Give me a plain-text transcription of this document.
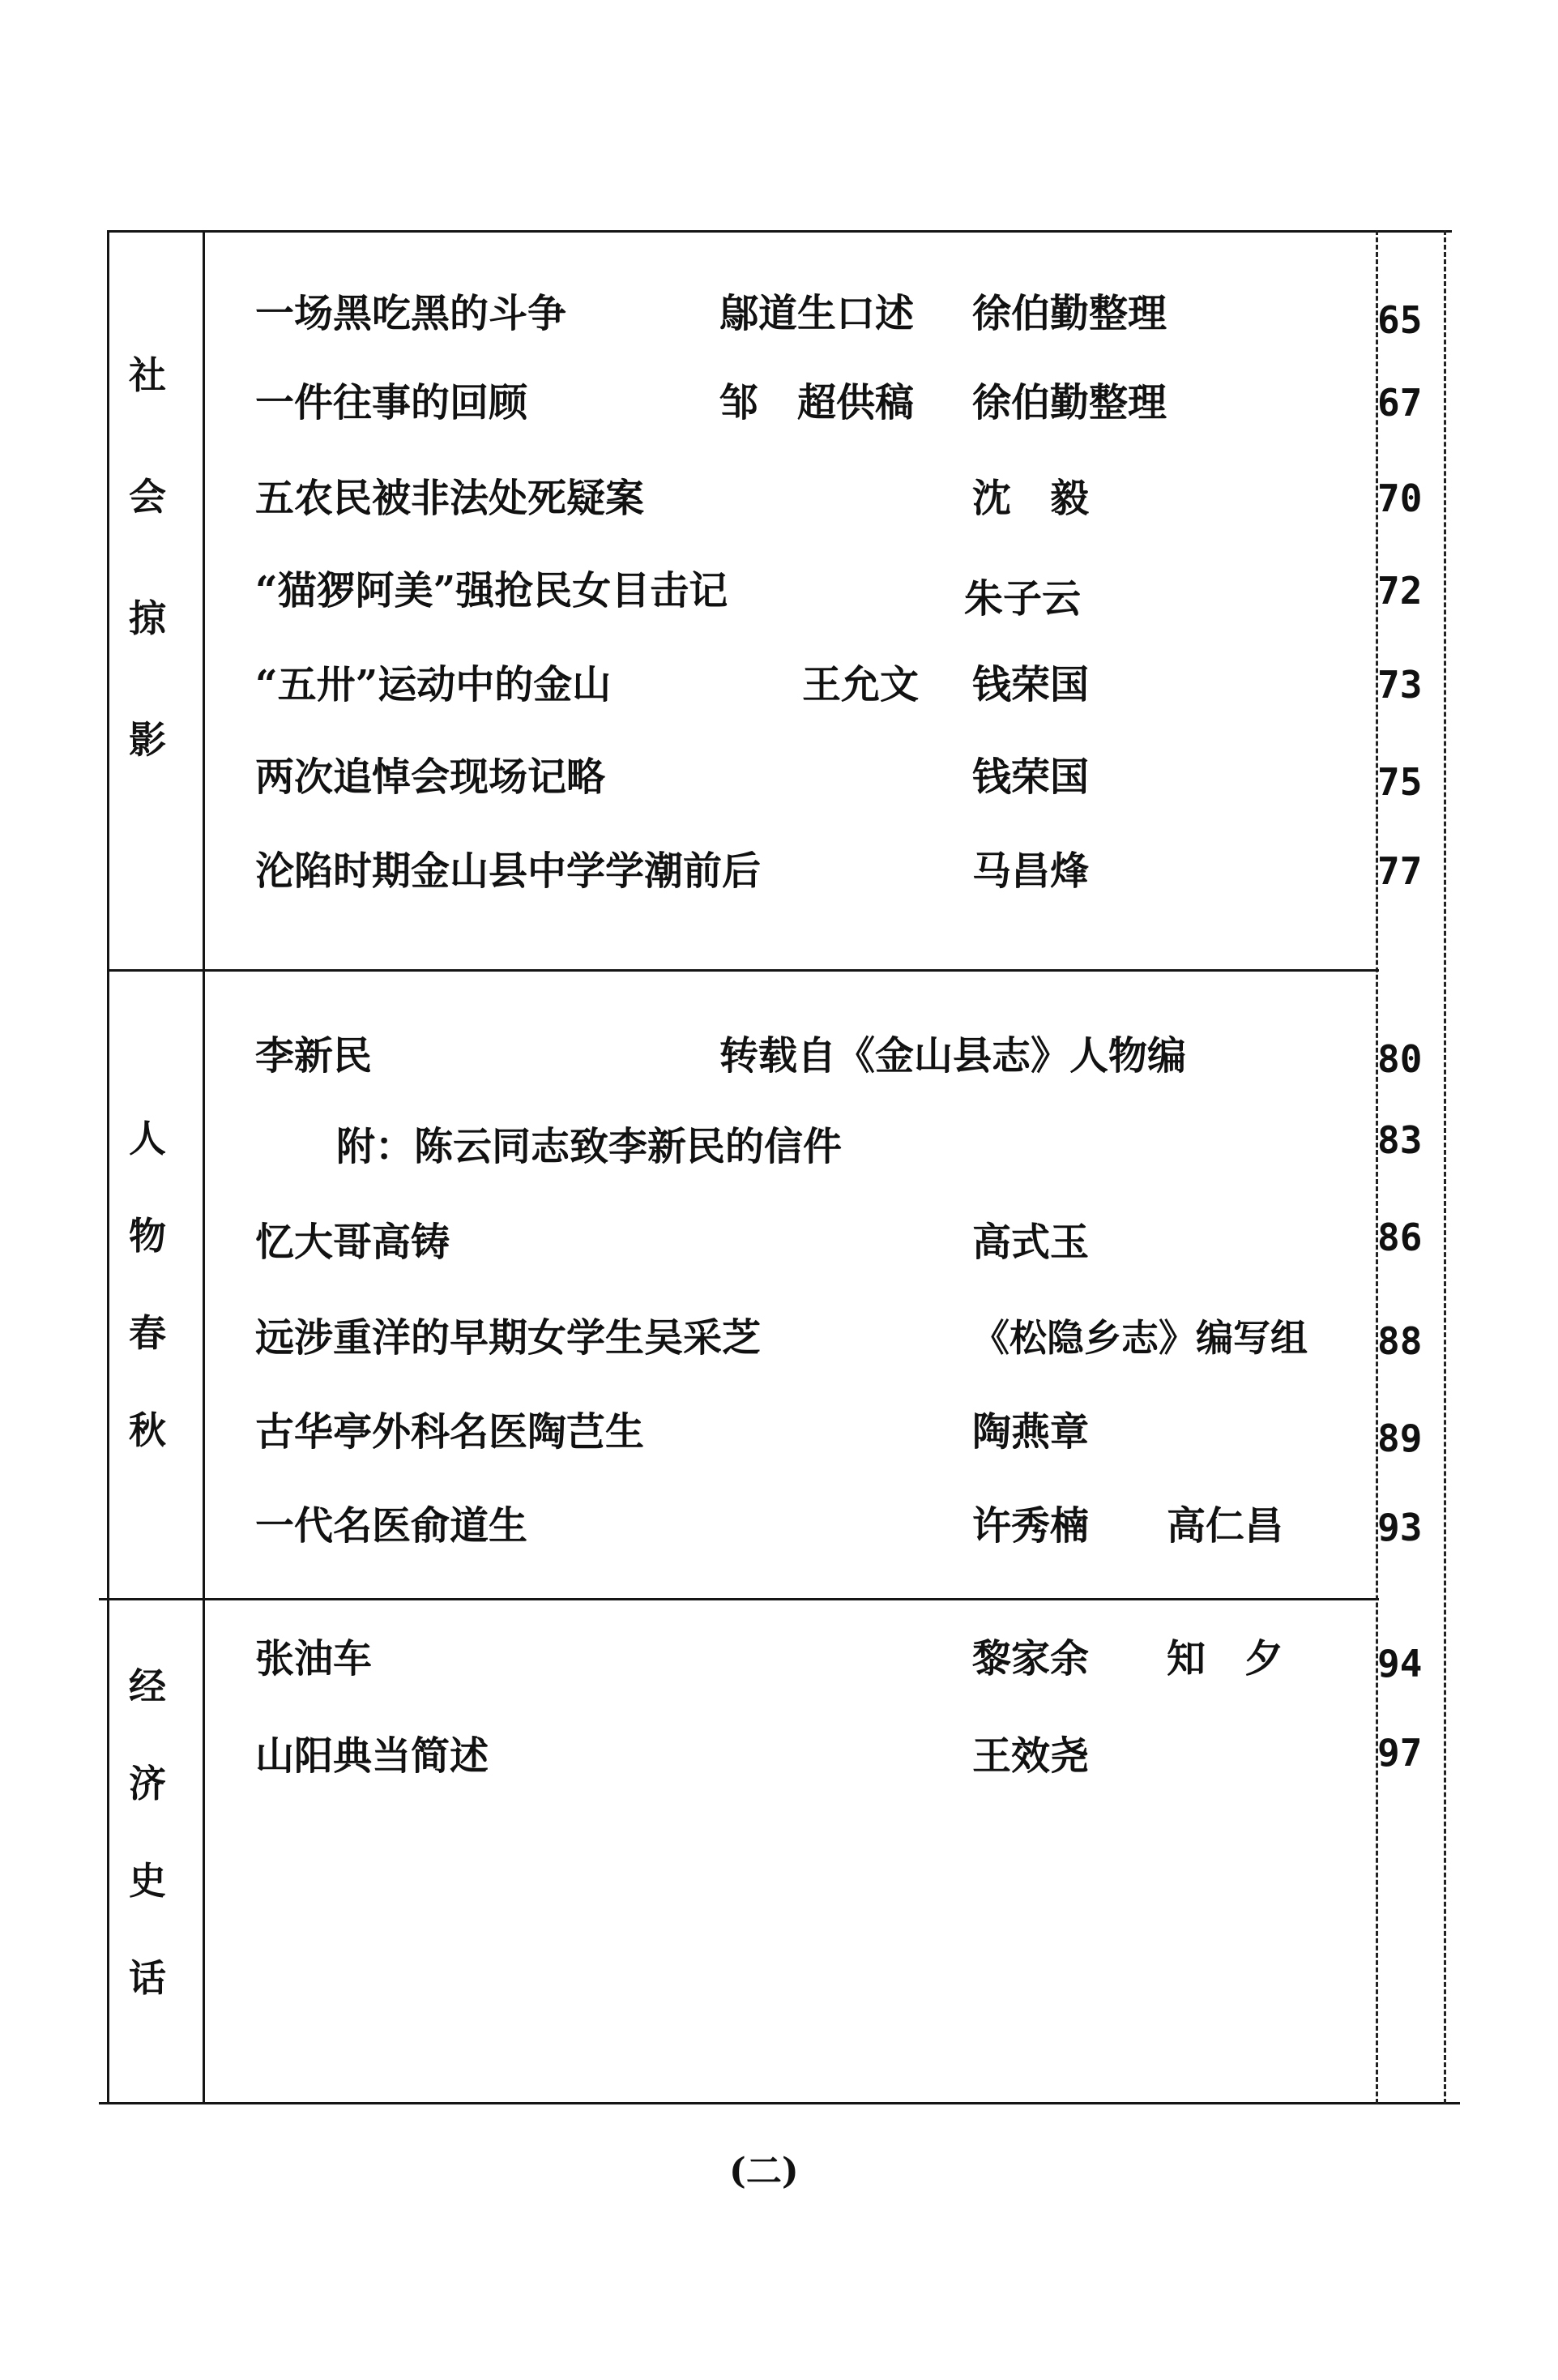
社
会
掠
影
人
物
春
秋
经
济
史
话
一场黑吃黑的斗争	鄔道生口述 徐伯勤整理	65
一件往事的回顾	邹　超供稿 徐伯勤整理	67
五农民被非法处死疑案	沈　毅	70
“猫猡阿美”强抢民女目击记	朱子云	72
“五卅”运动中的金山	王允文 钱荣国	73
两次追悼会现场记略	钱荣国	75
沦陷时期金山县中学学潮前后	马昌烽	77
李新民	转载自《金山县志》人物编	80
附：陈云同志致李新民的信件	83
忆大哥高铸	高式玉	86
远涉重洋的早期女学生吴采芝	《松隐乡志》编写组 88
古华亭外科名医陶芑生	陶燕章	89
一代名医俞道生	许秀楠　　高仁昌	93
张油车	黎家余　　知　夕	94
山阳典当简述	王效尧	97
(二)
